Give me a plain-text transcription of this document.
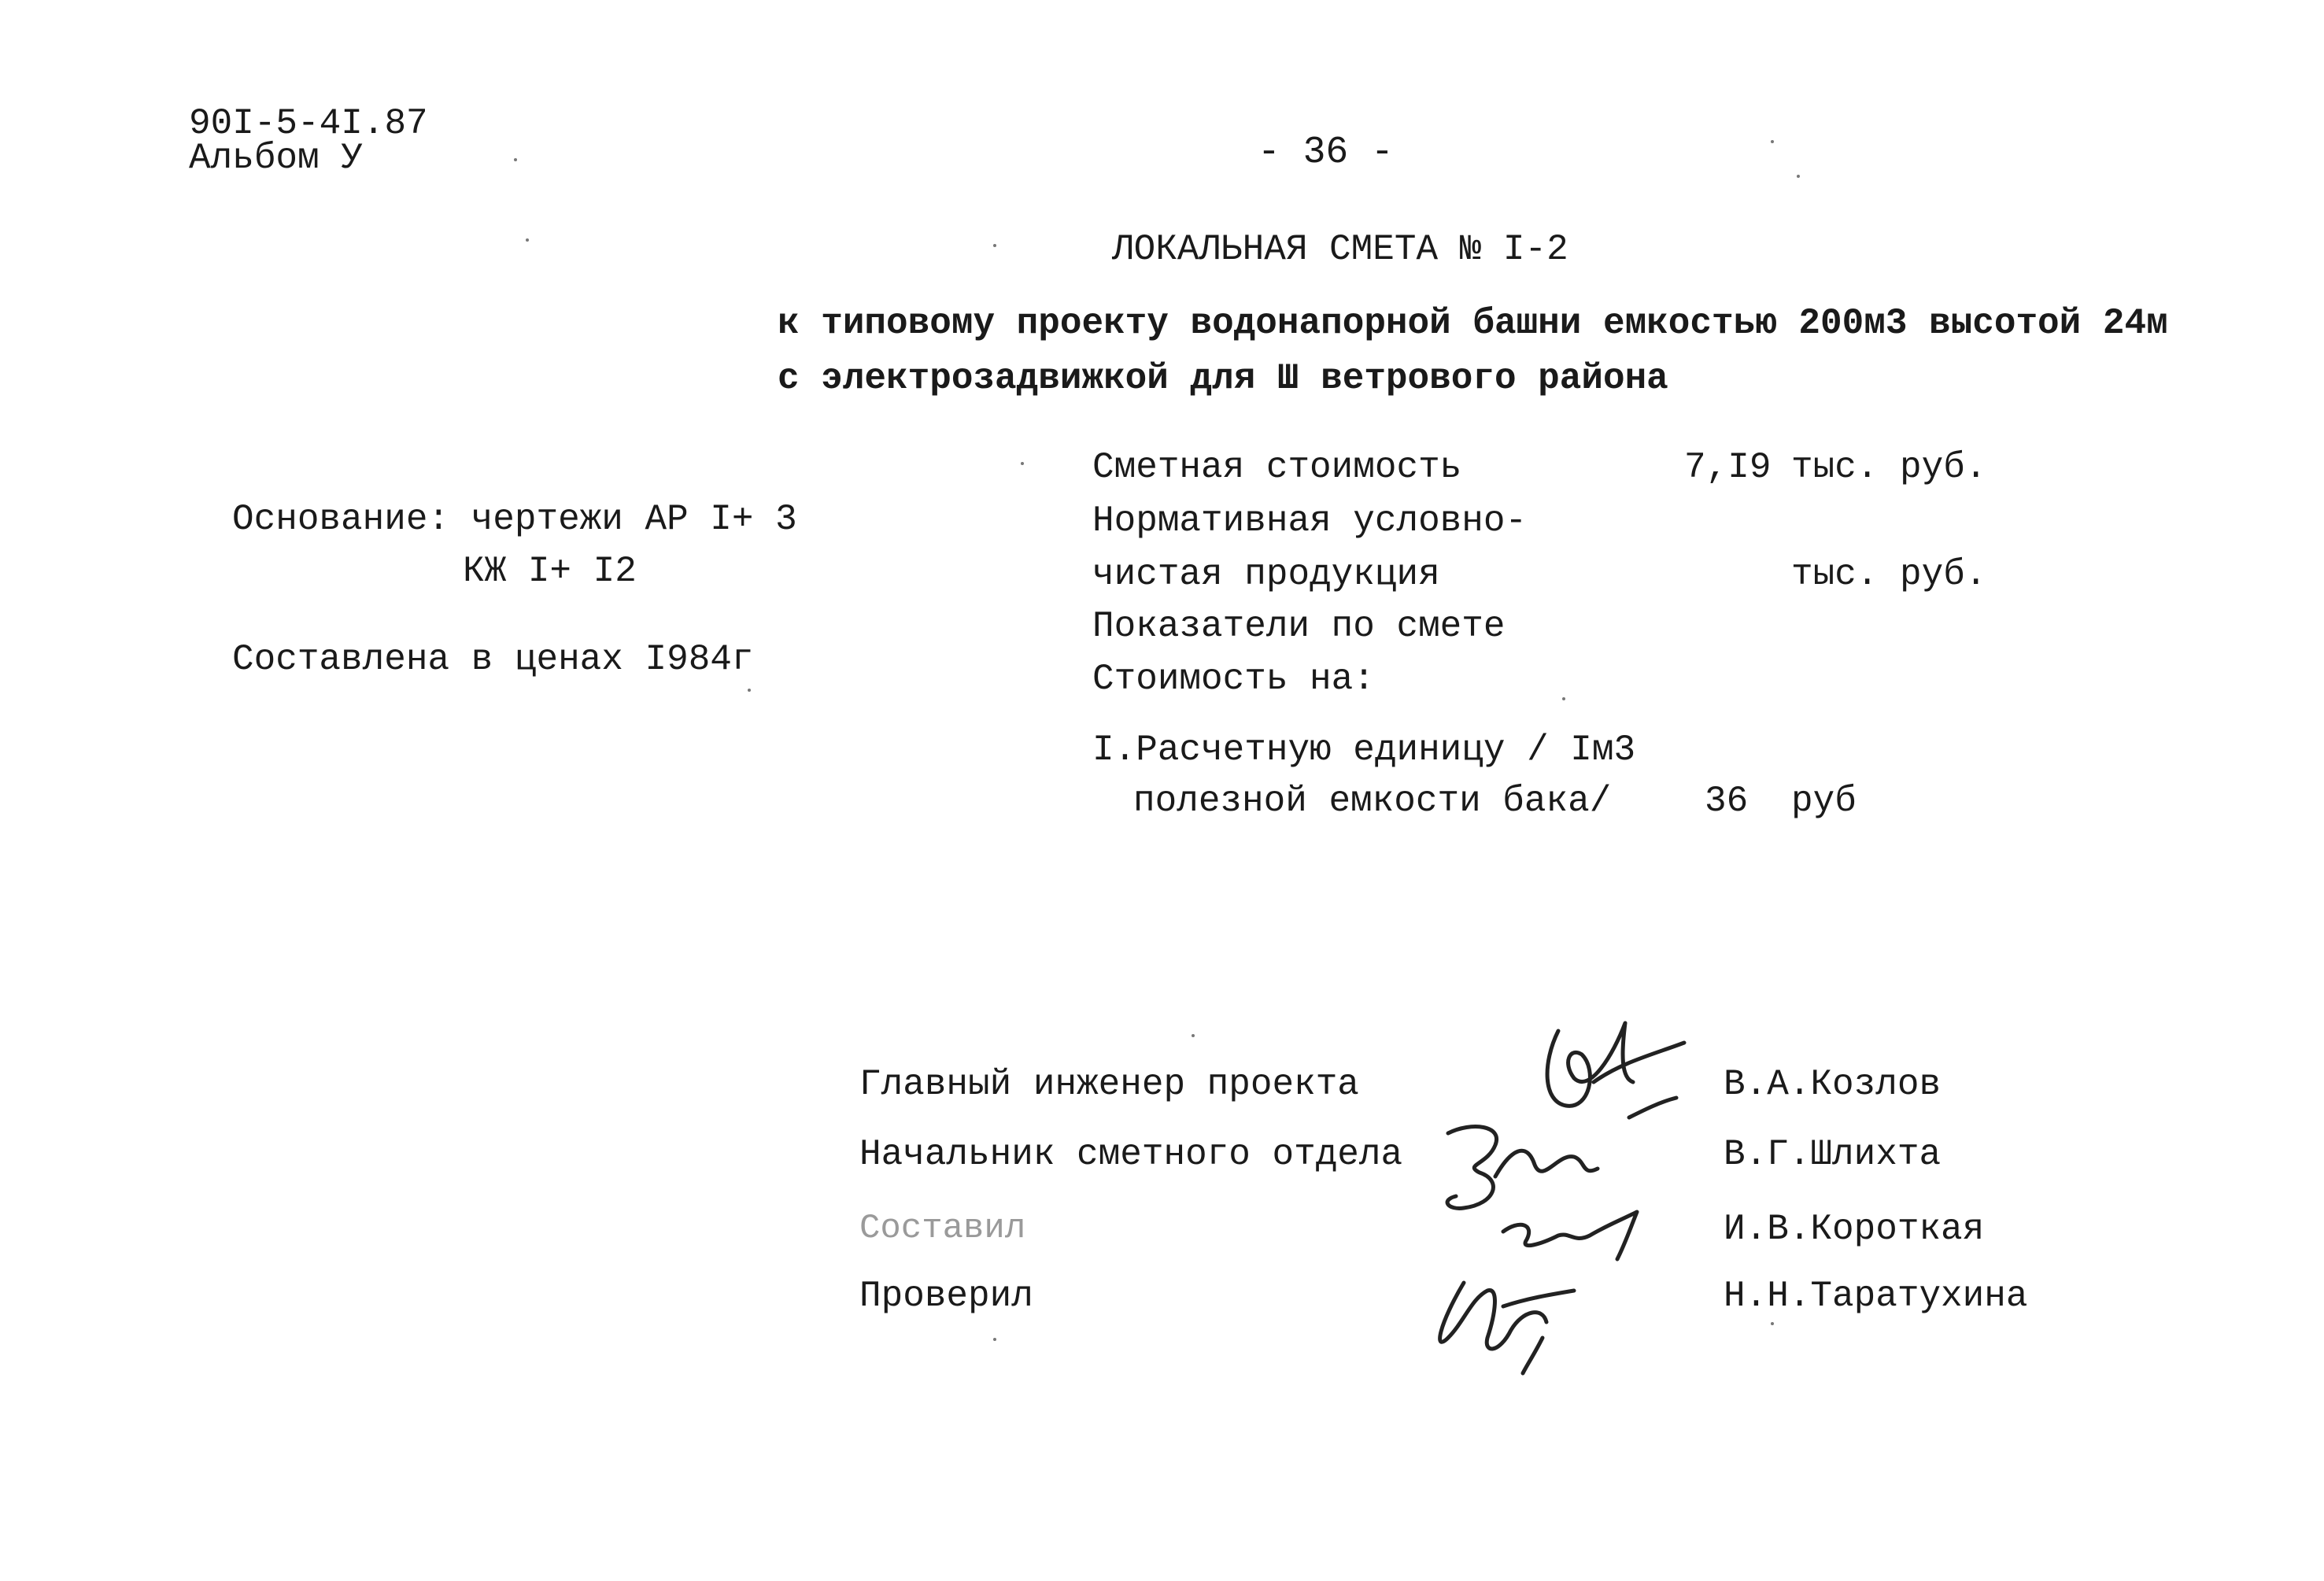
90I-5-4I.87
Альбом У	- 36 -
ЛОКАЛЬНАЯ СМЕТА № I-2
к типовому проекту водонапорной башни емкостью 200м3 высотой 24м
с электрозадвижкой для Ш ветрового района
Основание: чертежи АР I+ 3
КЖ I+ I2
Составлена в ценах I984г
Сметная стоимость	7,I9 тыс. руб.
Нормативная условно-
чистая продукция	тыс. руб.
Показатели по смете
Стоимость на:
I.Расчетную единицу / Iм3
полезной емкости бака/	36 руб
Главный инженер проекта	В.А.Козлов
Начальник сметного отдела	В.Г.Шлихта
Составил	И.В.Короткая
Проверил	Н.Н.Таратухина
